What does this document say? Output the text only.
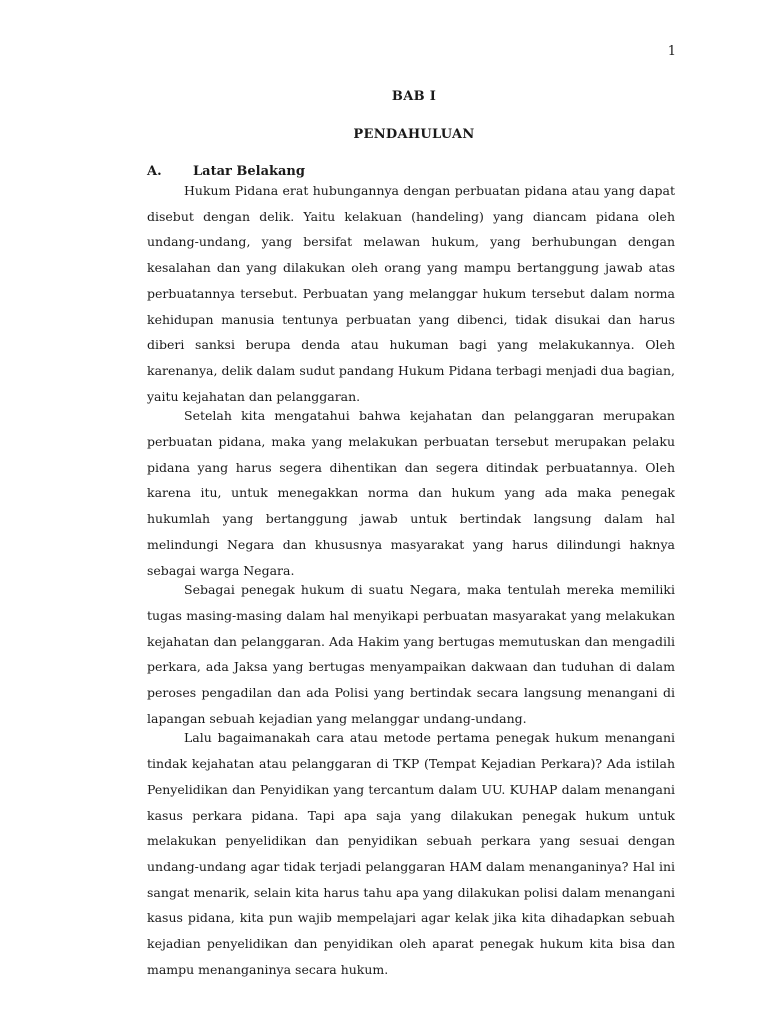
1
BAB I
PENDAHULUAN
A. Latar Belakang

Hukum Pidana erat hubungannya dengan perbuatan pidana atau yang dapat disebut dengan delik. Yaitu kelakuan (handeling) yang diancam pidana oleh undang-undang, yang bersifat melawan hukum, yang berhubungan dengan kesalahan dan yang dilakukan oleh orang yang mampu bertanggung jawab atas perbuatannya tersebut. Perbuatan yang melanggar hukum tersebut dalam norma kehidupan manusia tentunya perbuatan yang dibenci, tidak disukai dan harus diberi sanksi berupa denda atau hukuman bagi yang melakukannya. Oleh karenanya, delik dalam sudut pandang Hukum Pidana terbagi menjadi dua bagian, yaitu kejahatan dan pelanggaran.

Setelah kita mengatahui bahwa kejahatan dan pelanggaran merupakan perbuatan pidana, maka yang melakukan perbuatan tersebut merupakan pelaku pidana yang harus segera dihentikan dan segera ditindak perbuatannya. Oleh karena itu, untuk menegakkan norma dan hukum yang ada maka penegak hukumlah yang bertanggung jawab untuk bertindak langsung dalam hal melindungi Negara dan khususnya masyarakat yang harus dilindungi haknya sebagai warga Negara.

Sebagai penegak hukum di suatu Negara, maka tentulah mereka memiliki tugas masing-masing dalam hal menyikapi perbuatan masyarakat yang melakukan kejahatan dan pelanggaran. Ada Hakim yang bertugas memutuskan dan mengadili perkara, ada Jaksa yang bertugas menyampaikan dakwaan dan tuduhan di dalam peroses pengadilan dan ada Polisi yang bertindak secara langsung menangani di lapangan sebuah kejadian yang melanggar undang-undang.

Lalu bagaimanakah cara atau metode pertama penegak hukum menangani tindak kejahatan atau pelanggaran di TKP (Tempat Kejadian Perkara)? Ada istilah Penyelidikan dan Penyidikan yang tercantum dalam UU. KUHAP dalam menangani kasus perkara pidana. Tapi apa saja yang dilakukan penegak hukum untuk melakukan penyelidikan dan penyidikan sebuah perkara yang sesuai dengan undang-undang agar tidak terjadi pelanggaran HAM dalam menanganinya? Hal ini sangat menarik, selain kita harus tahu apa yang dilakukan polisi dalam menangani kasus pidana, kita pun wajib mempelajari agar kelak jika kita dihadapkan sebuah kejadian penyelidikan dan penyidikan oleh aparat penegak hukum kita bisa dan mampu menanganinya secara hukum.
